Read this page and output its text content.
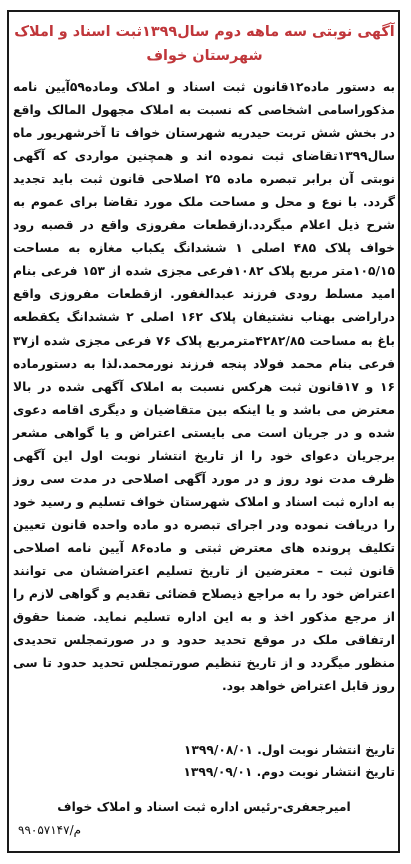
آگهی نوبتی سه ماهه دوم سال۱۳۹۹ثبت اسناد و املاک
شهرستان خواف
به دستور ماده۱۲قانون ثبت اسناد و املاک وماده۵۹آیین نامه مذکوراسامی اشخاصی که نسبت به املاک مجهول المالک واقع در بخش شش تربت حیدریه شهرستان خواف تا آخرشهریور ماه سال۱۳۹۹تقاضای ثبت نموده اند و همچنین مواردی که آگهی نوبتی آن برابر تبصره ماده ۲۵ اصلاحی قانون ثبت باید تجدید گردد. با نوع و محل و مساحت ملک مورد تقاضا برای عموم به شرح ذیل اعلام میگردد.ازقطعات مفروزی واقع در قصبه رود خواف پلاک ۴۸۵ اصلی ۱ ششدانگ یکباب مغازه به مساحت ۱۰۵/۱۵متر مربع پلاک ۱۰۸۲فرعی مجزی شده از ۱۵۳ فرعی بنام امید مسلط رودی فرزند عبدالغفور. ازقطعات مفروزی واقع دراراضی بهناب نشتیفان پلاک ۱۶۲ اصلی ۲ ششدانگ یکقطعه باغ به مساحت ۴۲۸۲/۸۵مترمربع پلاک ۷۶ فرعی مجزی شده از۳۷ فرعی بنام محمد فولاد پنجه فرزند نورمحمد.لذا به دستورماده ۱۶ و ۱۷قانون ثبت هرکس نسبت به املاک آگهی شده در بالا معترض می باشد و یا اینکه بین متقاضیان و دیگری اقامه دعوی شده و در جریان است می بایستی اعتراض و یا گواهی مشعر برجریان دعوای خود را از تاریخ انتشار نوبت اول این آگهی ظرف مدت نود روز و در مورد آگهی اصلاحی در مدت سی روز به اداره ثبت اسناد و املاک شهرستان خواف تسلیم و رسید خود را دریافت نموده ودر اجرای تبصره دو ماده واحده قانون تعیین تکلیف پرونده های معترض ثبتی و ماده۸۶ آیین نامه اصلاحی قانون ثبت – معترضین از تاریخ تسلیم اعتراضشان می توانند اعتراض خود را به مراجع ذیصلاح قضائی تقدیم و گواهی لازم را از مرجع مذکور اخذ و به این اداره تسلیم نماید. ضمنا حقوق ارتفاقی ملک در موقع تحدید حدود و در صورتمجلس تحدیدی منظور میگردد و از تاریخ تنظیم صورتمجلس تحدید حدود تا سی روز قابل اعتراض خواهد بود.
تاریخ انتشار نوبت اول. ۱۳۹۹/۰۸/۰۱
تاریخ انتشار نوبت دوم. ۱۳۹۹/۰۹/۰۱
امیرجعفری-رئیس اداره ثبت اسناد و املاک خواف
م/۹۹۰۵۷۱۴۷
